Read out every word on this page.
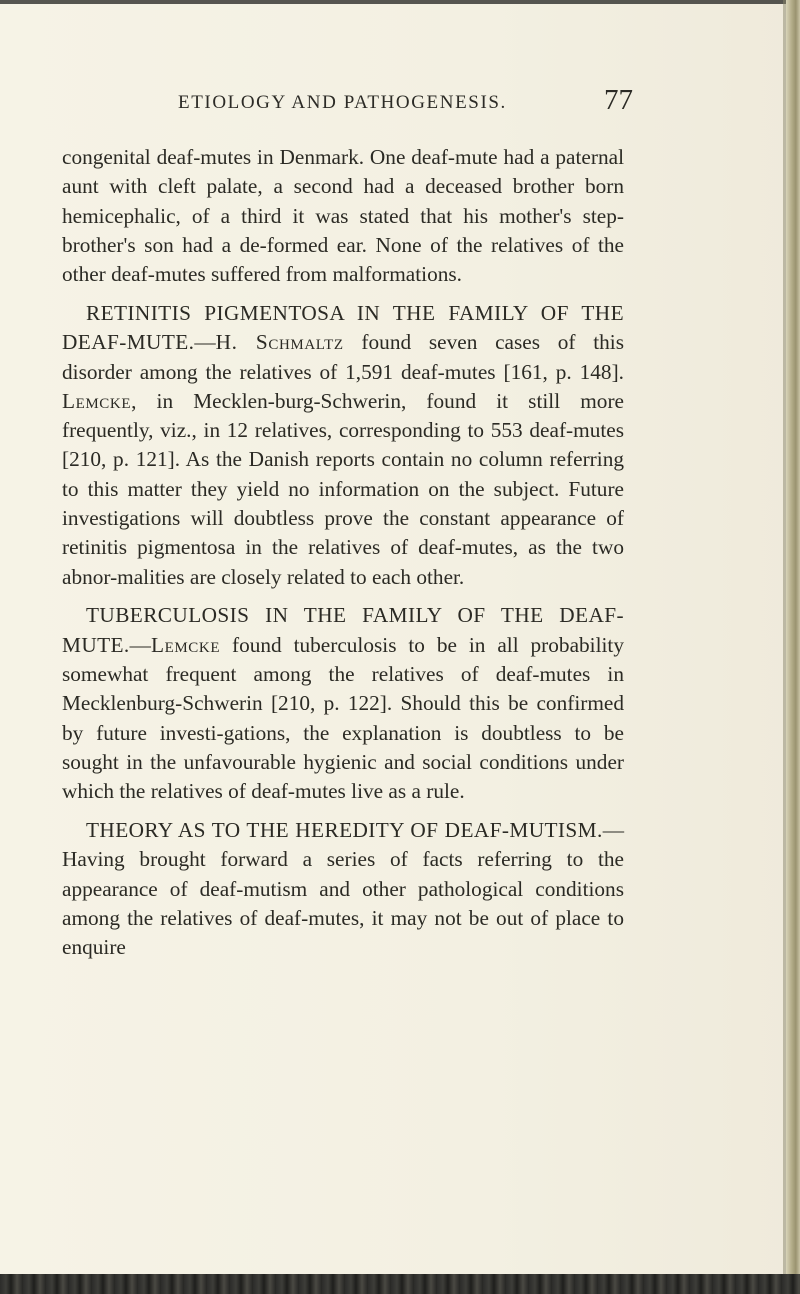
ETIOLOGY AND PATHOGENESIS.	77

congenital deaf-mutes in Denmark. One deaf-mute had a paternal aunt with cleft palate, a second had a deceased brother born hemicephalic, of a third it was stated that his mother's step-brother's son had a de-formed ear. None of the relatives of the other deaf-mutes suffered from malformations.

RETINITIS PIGMENTOSA IN THE FAMILY OF THE DEAF-MUTE.—H. Schmaltz found seven cases of this disorder among the relatives of 1,591 deaf-mutes [161, p. 148]. Lemcke, in Mecklen-burg-Schwerin, found it still more frequently, viz., in 12 relatives, corresponding to 553 deaf-mutes [210, p. 121]. As the Danish reports contain no column referring to this matter they yield no information on the subject. Future investigations will doubtless prove the constant appearance of retinitis pigmentosa in the relatives of deaf-mutes, as the two abnor-malities are closely related to each other.

TUBERCULOSIS IN THE FAMILY OF THE DEAF-MUTE.—Lemcke found tuberculosis to be in all probability somewhat frequent among the relatives of deaf-mutes in Mecklenburg-Schwerin [210, p. 122]. Should this be confirmed by future investi-gations, the explanation is doubtless to be sought in the unfavourable hygienic and social conditions under which the relatives of deaf-mutes live as a rule.

THEORY AS TO THE HEREDITY OF DEAF-MUTISM.—Having brought forward a series of facts referring to the appearance of deaf-mutism and other pathological conditions among the relatives of deaf-mutes, it may not be out of place to enquire
